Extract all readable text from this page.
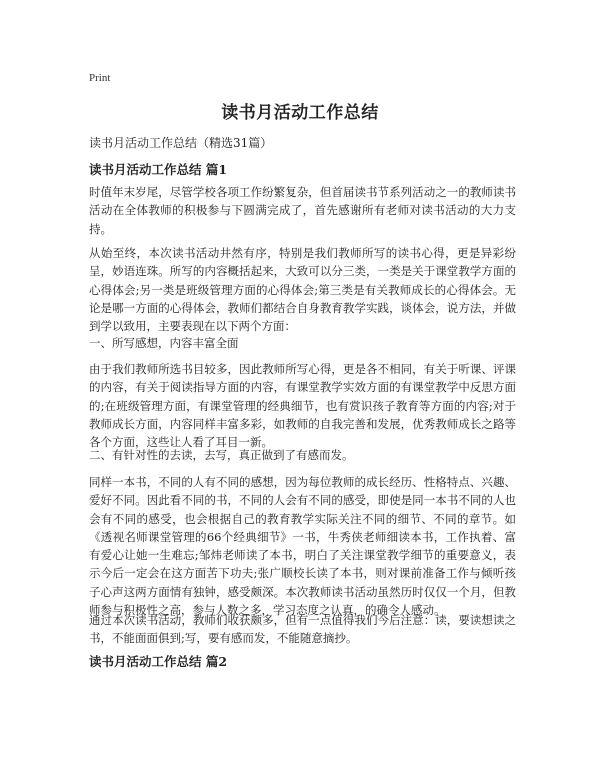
Print
读书月活动工作总结
读书月活动工作总结（精选31篇）
读书月活动工作总结 篇1

时值年末岁尾，尽管学校各项工作纷繁复杂，但首届读书节系列活动之一的教师读书活动在全体教师的积极参与下圆满完成了，首先感谢所有老师对读书活动的大力支持。

从始至终，本次读书活动井然有序，特别是我们教师所写的读书心得，更是异彩纷呈，妙语连珠。所写的内容概括起来，大致可以分三类，一类是关于课堂教学方面的心得体会;另一类是班级管理方面的心得体会;第三类是有关教师成长的心得体会。无论是哪一方面的心得体会，教师们都结合自身教育教学实践，谈体会，说方法，并做到学以致用，主要表现在以下两个方面：

一、所写感想，内容丰富全面

由于我们教师所选书目较多，因此教师所写心得，更是各不相同，有关于听课、评课的内容，有关于阅读指导方面的内容，有课堂教学实效方面的有课堂教学中反思方面的;在班级管理方面，有课堂管理的经典细节，也有赏识孩子教育等方面的内容;对于教师成长方面，内容同样丰富多彩，如教师的自我完善和发展，优秀教师成长之路等各个方面，这些让人看了耳目一新。

二、有针对性的去读，去写，真正做到了有感而发。

同样一本书，不同的人有不同的感想，因为每位教师的成长经历、性格特点、兴趣、爱好不同。因此看不同的书，不同的人会有不同的感受，即使是同一本书不同的人也会有不同的感受，也会根据自己的教育教学实际关注不同的细节、不同的章节。如《透视名师课堂管理的66个经典细节》一书，牛秀侠老师细读本书，工作执着、富有爱心让她一生难忘;邹炜老师读了本书，明白了关注课堂教学细节的重要意义，表示今后一定会在这方面苦下功夫;张广顺校长读了本书，则对课前准备工作与倾听孩子心声这两方面情有独钟，感受颇深。本次教师读书活动虽然历时仅仅一个月，但教师参与积极性之高，参与人数之多，学习态度之认真，的确令人感动。

通过本次读书活动，教师们收获颇多，但有一点值得我们今后注意：读，要读想读之书，不能面面俱到;写，要有感而发，不能随意摘抄。

读书月活动工作总结 篇2
